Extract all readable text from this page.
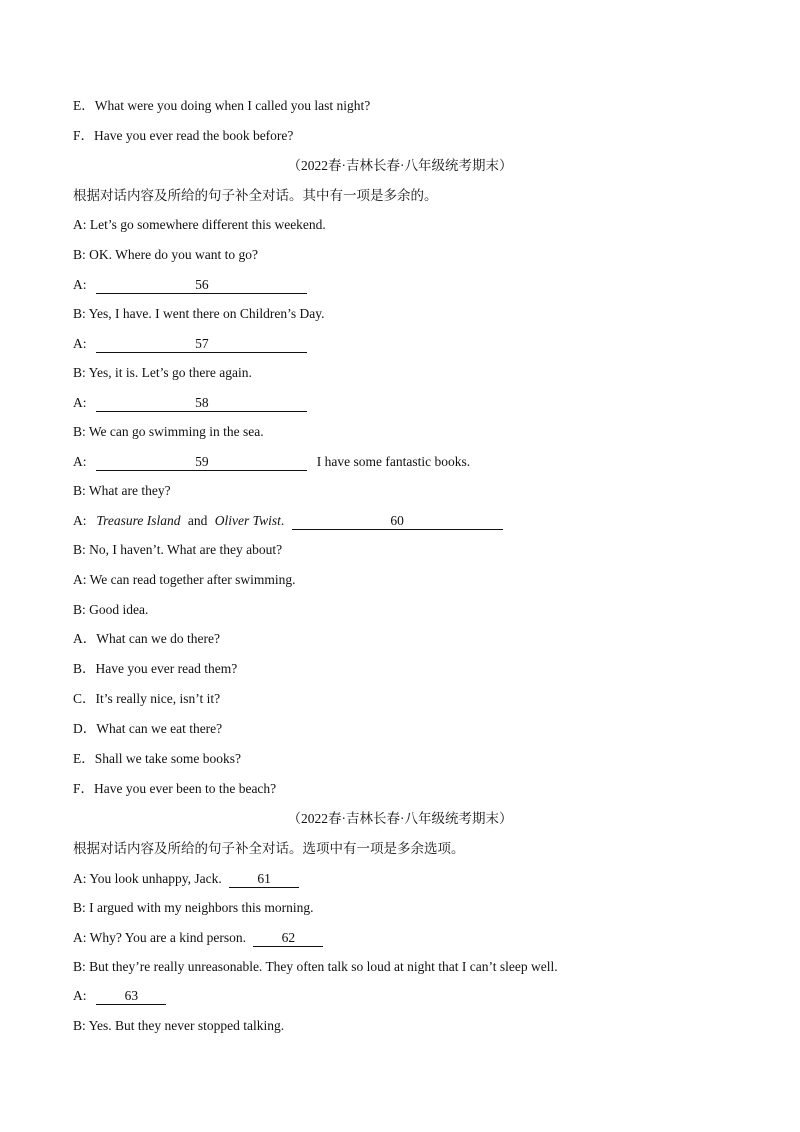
E．What were you doing when I called you last night?
F．Have you ever read the book before?
（2022春·吉林长春·八年级统考期末）
根据对话内容及所给的句子补全对话。其中有一项是多余的。
A: Let’s go somewhere different this weekend.
B: OK. Where do you want to go?
A:	56
B: Yes, I have. I went there on Children’s Day.
A:	57
B: Yes, it is. Let’s go there again.
A:	58
B: We can go swimming in the sea.
A:	59	I have some fantastic books.
B: What are they?
A: Treasure Island and Oliver Twist.	60
B: No, I haven’t. What are they about?
A: We can read together after swimming.
B: Good idea.
A．What can we do there?
B．Have you ever read them?
C．It’s really nice, isn’t it?
D．What can we eat there?
E．Shall we take some books?
F．Have you ever been to the beach?
（2022春·吉林长春·八年级统考期末）
根据对话内容及所给的句子补全对话。选项中有一项是多余选项。
A: You look unhappy, Jack.	61
B: I argued with my neighbors this morning.
A: Why? You are a kind person.	62
B: But they’re really unreasonable. They often talk so loud at night that I can’t sleep well.
A:	63
B: Yes. But they never stopped talking.
